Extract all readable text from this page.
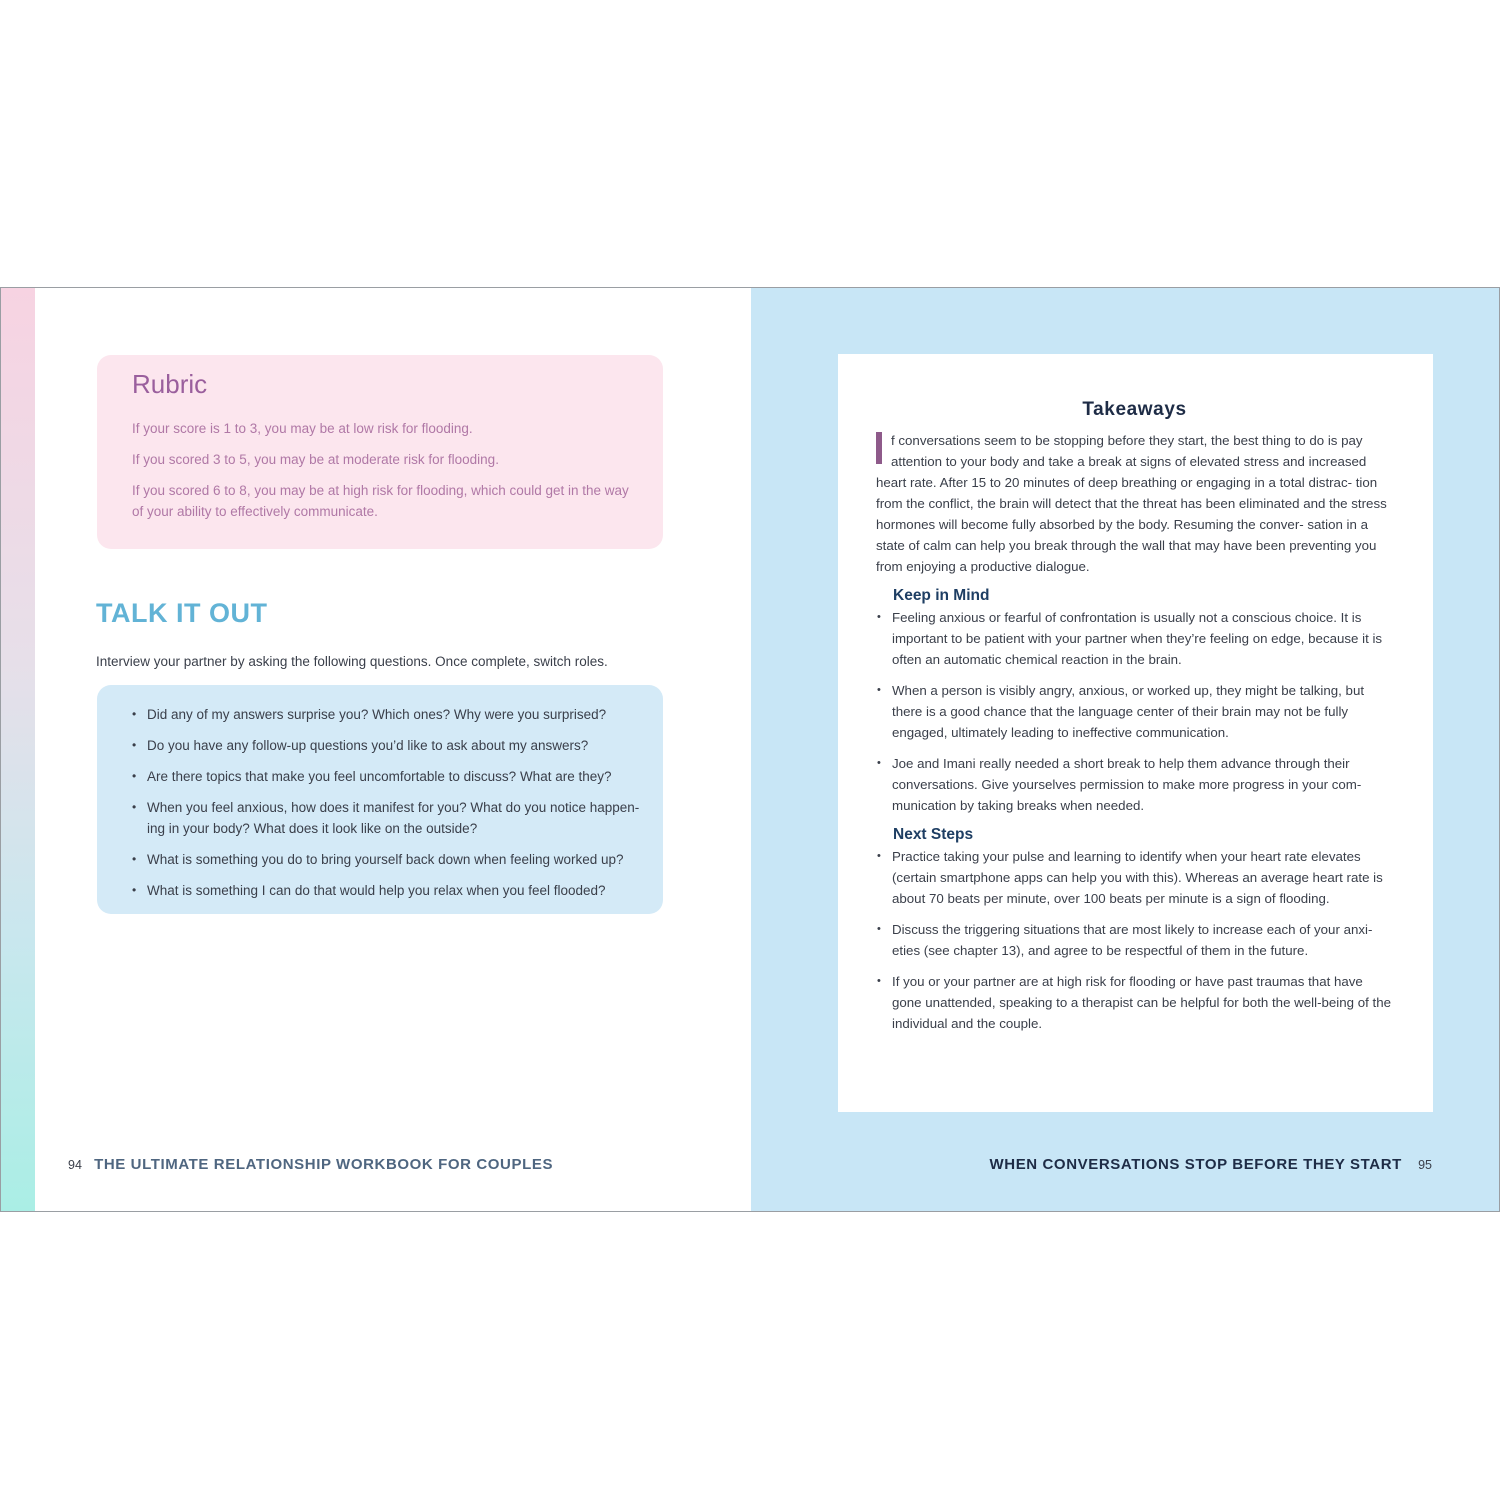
Rubric

If your score is 1 to 3, you may be at low risk for flooding.

If you scored 3 to 5, you may be at moderate risk for flooding.

If you scored 6 to 8, you may be at high risk for flooding, which could get in the way of your ability to effectively communicate.

TALK IT OUT

Interview your partner by asking the following questions. Once complete, switch roles.

• Did any of my answers surprise you? Which ones? Why were you surprised?
• Do you have any follow-up questions you’d like to ask about my answers?
• Are there topics that make you feel uncomfortable to discuss? What are they?
• When you feel anxious, how does it manifest for you? What do you notice happen- ing in your body? What does it look like on the outside?
• What is something you do to bring yourself back down when feeling worked up?
• What is something I can do that would help you relax when you feel flooded?
94 THE ULTIMATE RELATIONSHIP WORKBOOK FOR COUPLES
Takeaways
f conversations seem to be stopping before they start, the best thing to do is pay
attention to your body and take a break at signs of elevated stress and increased
heart rate. After 15 to 20 minutes of deep breathing or engaging in a total distrac- tion from the conflict, the brain will detect that the threat has been eliminated and the stress hormones will become fully absorbed by the body. Resuming the conver- sation in a state of calm can help you break through the wall that may have been preventing you from enjoying a productive dialogue.
Keep in Mind
• Feeling anxious or fearful of confrontation is usually not a conscious choice. It is important to be patient with your partner when they’re feeling on edge, because it is often an automatic chemical reaction in the brain.
• When a person is visibly angry, anxious, or worked up, they might be talking, but there is a good chance that the language center of their brain may not be fully engaged, ultimately leading to ineffective communication.
• Joe and Imani really needed a short break to help them advance through their conversations. Give yourselves permission to make more progress in your com- munication by taking breaks when needed.
Next Steps
• Practice taking your pulse and learning to identify when your heart rate elevates (certain smartphone apps can help you with this). Whereas an average heart rate is about 70 beats per minute, over 100 beats per minute is a sign of flooding.
• Discuss the triggering situations that are most likely to increase each of your anxi- eties (see chapter 13), and agree to be respectful of them in the future.
• If you or your partner are at high risk for flooding or have past traumas that have gone unattended, speaking to a therapist can be helpful for both the well-being of the individual and the couple.
WHEN CONVERSATIONS STOP BEFORE THEY START 95
